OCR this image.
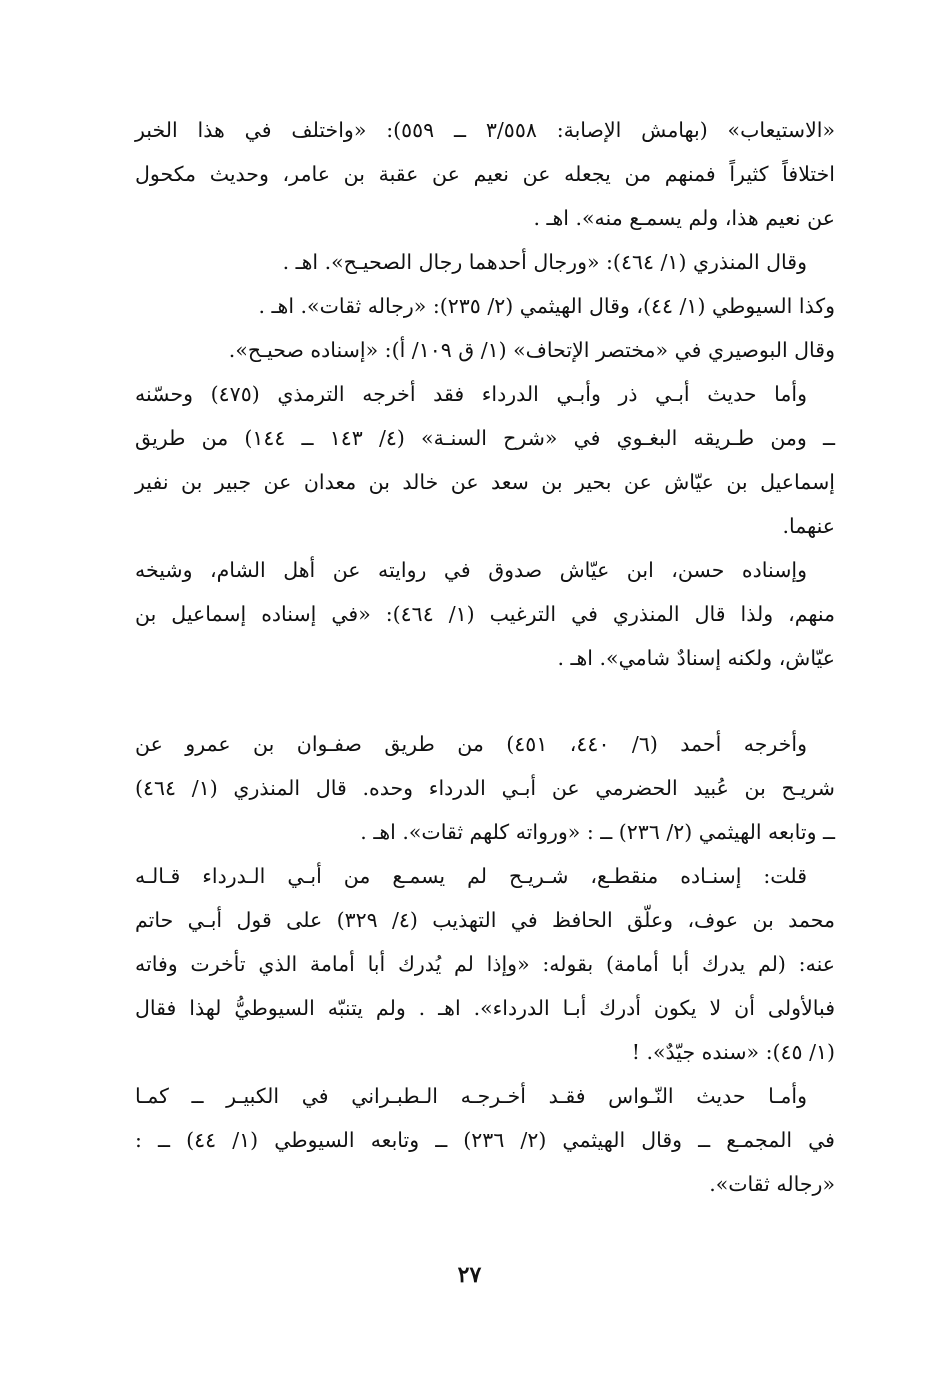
«الاستيعاب» (بهامش الإصابة: ٣/٥٥٨ ــ ٥٥٩): «واختلف في هذا الخبر
اختلافاً كثيراً فمنهم من يجعله عن نعيم عن عقبة بن عامر، وحديث مكحول
عن نعيم هذا، ولم يسمـع منه». اهـ .
وقال المنذري (١/ ٤٦٤): «ورجال أحدهما رجال الصحيـح». اهـ .
وكذا السيوطي (١/ ٤٤)، وقال الهيثمي (٢/ ٢٣٥): «رجاله ثقات». اهـ .
وقال البوصيري في «مختصر الإتحاف» (١/ ق ١٠٩/ أ): «إسناده صحيـح».
وأما حديث أبـي ذر وأبـي الدرداء فقد أخرجه الترمذي (٤٧٥) وحسّنه
ــ ومن طـريقه البغـوي في «شرح السنـة» (٤/ ١٤٣ ــ ١٤٤) من طريق
إسماعيل بن عيّاش عن بحير بن سعد عن خالد بن معدان عن جبير بن نفير
عنهما.
وإسناده حسن، ابن عيّاش صدوق في روايته عن أهل الشام، وشيخه
منهم، ولذا قال المنذري في الترغيب (١/ ٤٦٤): «في إسناده إسماعيل بن
عيّاش، ولكنه إسنادٌ شامي». اهـ .
وأخرجه أحمد (٦/ ٤٤٠، ٤٥١) من طريق صفـوان بن عمرو عن
شريـح بن عُبيد الحضرمي عن أبـي الدرداء وحده. قال المنذري (١/ ٤٦٤)
ــ وتابعه الهيثمي (٢/ ٢٣٦) ــ : «ورواته كلهم ثقات». اهـ .
قلت: إسنـاده منقطـع، شـريـح لم يسمـع من أبـي الـدرداء قـالـه
محمد بن عوف، وعلّق الحافظ في التهذيب (٤/ ٣٢٩) على قول أبـي حاتم
عنه: (لم يدرك أبا أمامة) بقوله: «وإذا لم يُدرك أبا أمامة الذي تأخرت وفاته
فبالأولى أن لا يكون أدرك أبـا الدرداء». اهـ . ولم يتنبّه السيوطيُّ لهذا فقال
(١/ ٤٥): «سنده جيّدٌ». !
وأمـا حديث النّـواس فقـد أخـرجـه الـطبـراني في الكبيـر ــ كمـا
في المجمـع ــ وقال الهيثمي (٢/ ٢٣٦) ــ وتابعه السيوطي (١/ ٤٤) ــ :
«رجاله ثقات».
٢٧
